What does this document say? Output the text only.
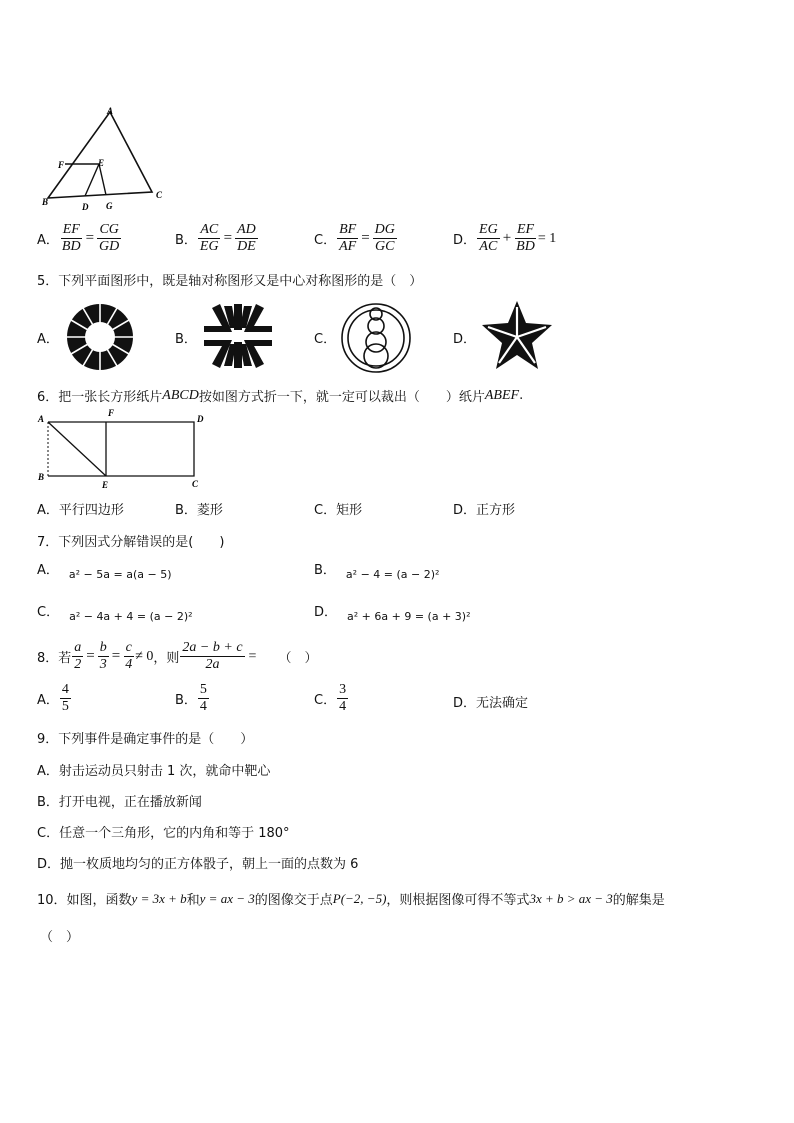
A
F	E
B	D G
C
A． $\frac{EF}{BD} = \frac{CG}{GD}$	B． $\frac{AC}{EG} = \frac{AD}{DE}$	C． $\frac{BF}{AF} = \frac{DG}{GC}$	D． $\frac{EG}{AC} + \frac{EF}{BD} = 1$
5．下列平面图形中，既是轴对称图形又是中心对称图形的是（　）
A．	B．	C．	D．
6．把一张长方形纸片 ABCD 按如图方式折一下，就一定可以裁出（　　）纸片 ABEF .
A
F
D
B
E	C
A．平行四边形	B．菱形	C．矩形	D．正方形
7．下列因式分解错误的是(　　)
A． a² − 5a = a(a − 5)	B． a² − 4 = (a − 2)²
C． a² − 4a + 4 = (a − 2)²	D． a² + 6a + 9 = (a + 3)²
8．若 $\frac{a}{2} = \frac{b}{3} = \frac{c}{4} \ne 0$ ，则 $\frac{2a - b + c}{2a}$ = （　）
A． $\frac{4}{5}$	B． $\frac{5}{4}$	C． $\frac{3}{4}$	D．无法确定
9．下列事件是确定事件的是（　　）
A．射击运动员只射击 1 次，就命中靶心
B．打开电视，正在播放新闻
C．任意一个三角形，它的内角和等于 180°
D．抛一枚质地均匀的正方体骰子，朝上一面的点数为 6
10．如图，函数 y = 3x + b 和 y = ax − 3 的图像交于点 P(−2, −5) ，则根据图像可得不等式 3x + b > ax − 3 的解集是
（　）
